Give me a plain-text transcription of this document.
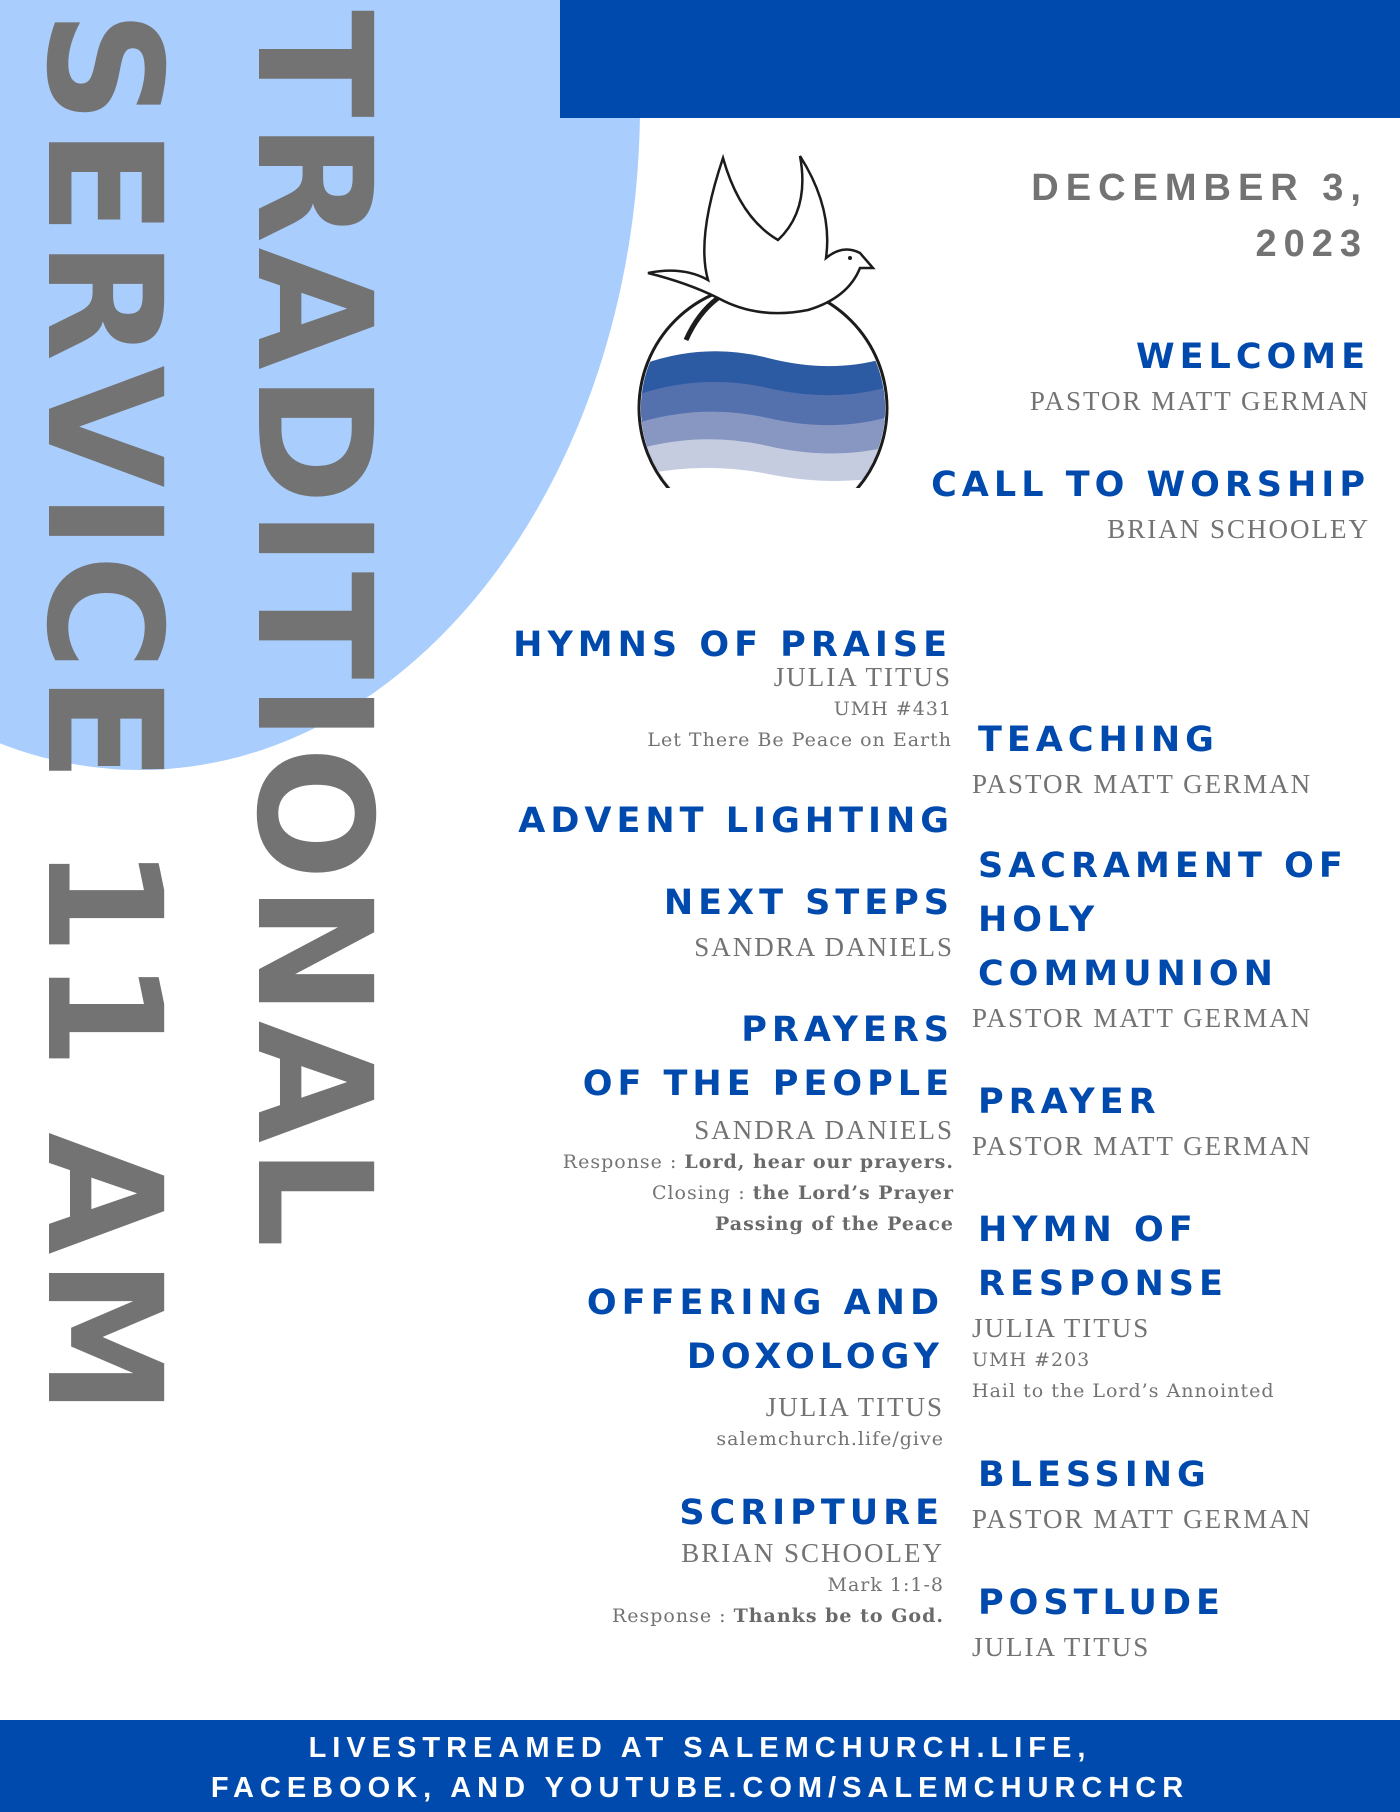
TRADITIONAL
SERVICE 11 AM	DECEMBER 3,
2023
WELCOME
PASTOR MATT GERMAN
CALL TO WORSHIP
BRIAN SCHOOLEY
HYMNS OF PRAISE
JULIA TITUS
UMH #431
Let There Be Peace on Earth
ADVENT LIGHTING
NEXT STEPS
SANDRA DANIELS
PRAYERS
OF THE PEOPLE
SANDRA DANIELS
Response : Lord, hear our prayers.
Closing : the Lord’s Prayer
Passing of the Peace
OFFERING AND
DOXOLOGY
JULIA TITUS
salemchurch.life/give
SCRIPTURE
BRIAN SCHOOLEY
Mark 1:1-8
Response : Thanks be to God.
TEACHING
PASTOR MATT GERMAN
SACRAMENT OF
HOLY
COMMUNION
PASTOR MATT GERMAN
PRAYER
PASTOR MATT GERMAN
HYMN OF
RESPONSE
JULIA TITUS
UMH #203
Hail to the Lord’s Annointed
BLESSING
PASTOR MATT GERMAN
POSTLUDE
JULIA TITUS
LIVESTREAMED AT SALEMCHURCH.LIFE,
FACEBOOK, AND YOUTUBE.COM/SALEMCHURCHCR
